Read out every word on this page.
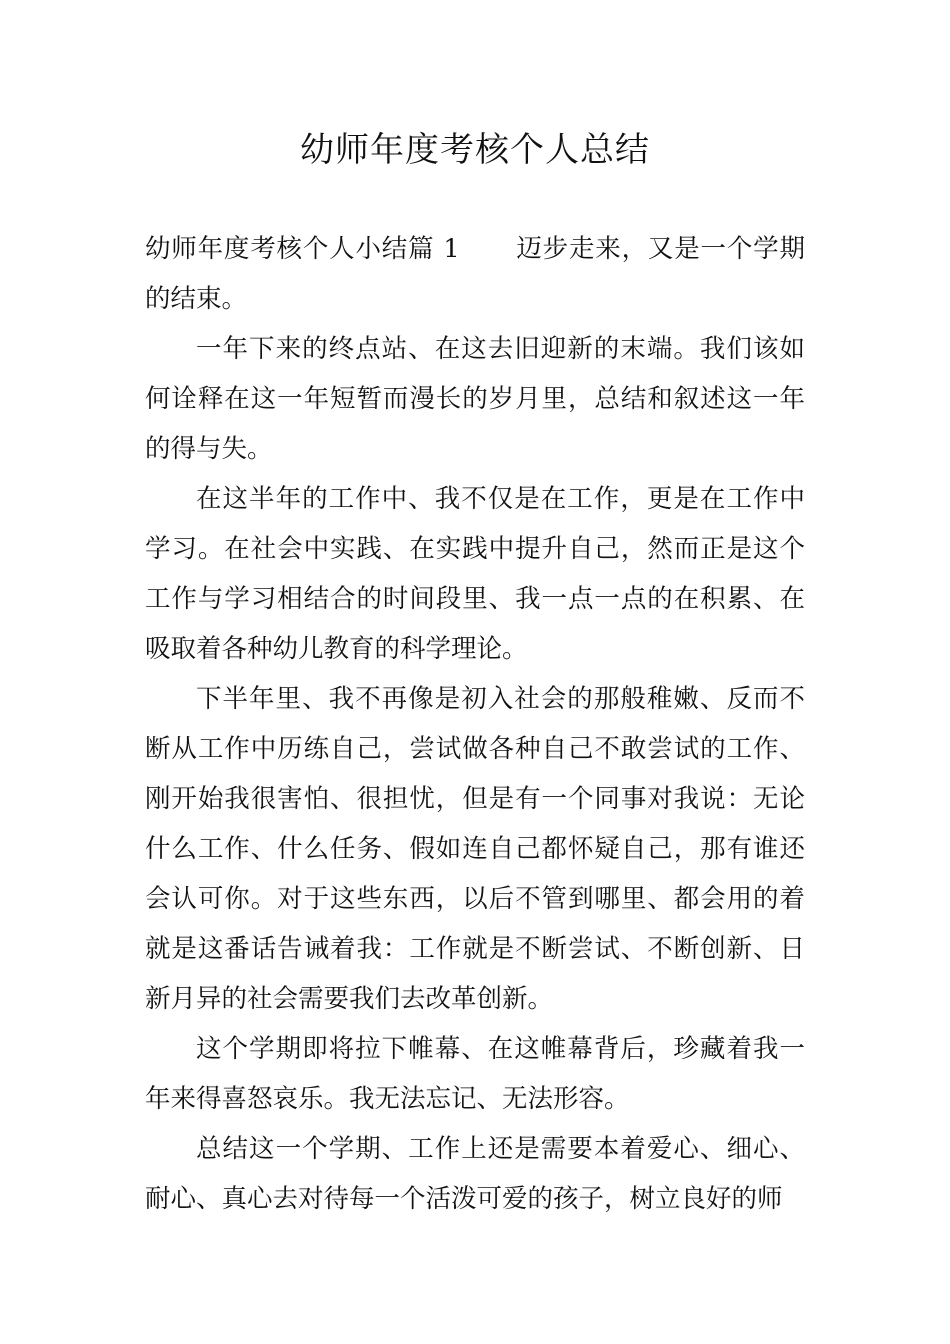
幼师年度考核个人总结

幼师年度考核个人小结篇 1 迈步走来，又是一个学期的结束。

一年下来的终点站、在这去旧迎新的末端。我们该如何诠释在这一年短暂而漫长的岁月里，总结和叙述这一年的得与失。

在这半年的工作中、我不仅是在工作，更是在工作中学习。在社会中实践、在实践中提升自己，然而正是这个工作与学习相结合的时间段里、我一点一点的在积累、在吸取着各种幼儿教育的科学理论。

下半年里、我不再像是初入社会的那般稚嫩、反而不断从工作中历练自己，尝试做各种自己不敢尝试的工作、刚开始我很害怕、很担忧，但是有一个同事对我说：无论什么工作、什么任务、假如连自己都怀疑自己，那有谁还会认可你。对于这些东西，以后不管到哪里、都会用的着就是这番话告诫着我：工作就是不断尝试、不断创新、日新月异的社会需要我们去改革创新。

这个学期即将拉下帷幕、在这帷幕背后，珍藏着我一年来得喜怒哀乐。我无法忘记、无法形容。

总结这一个学期、工作上还是需要本着爱心、细心、耐心、真心去对待每一个活泼可爱的孩子，树立良好的师
